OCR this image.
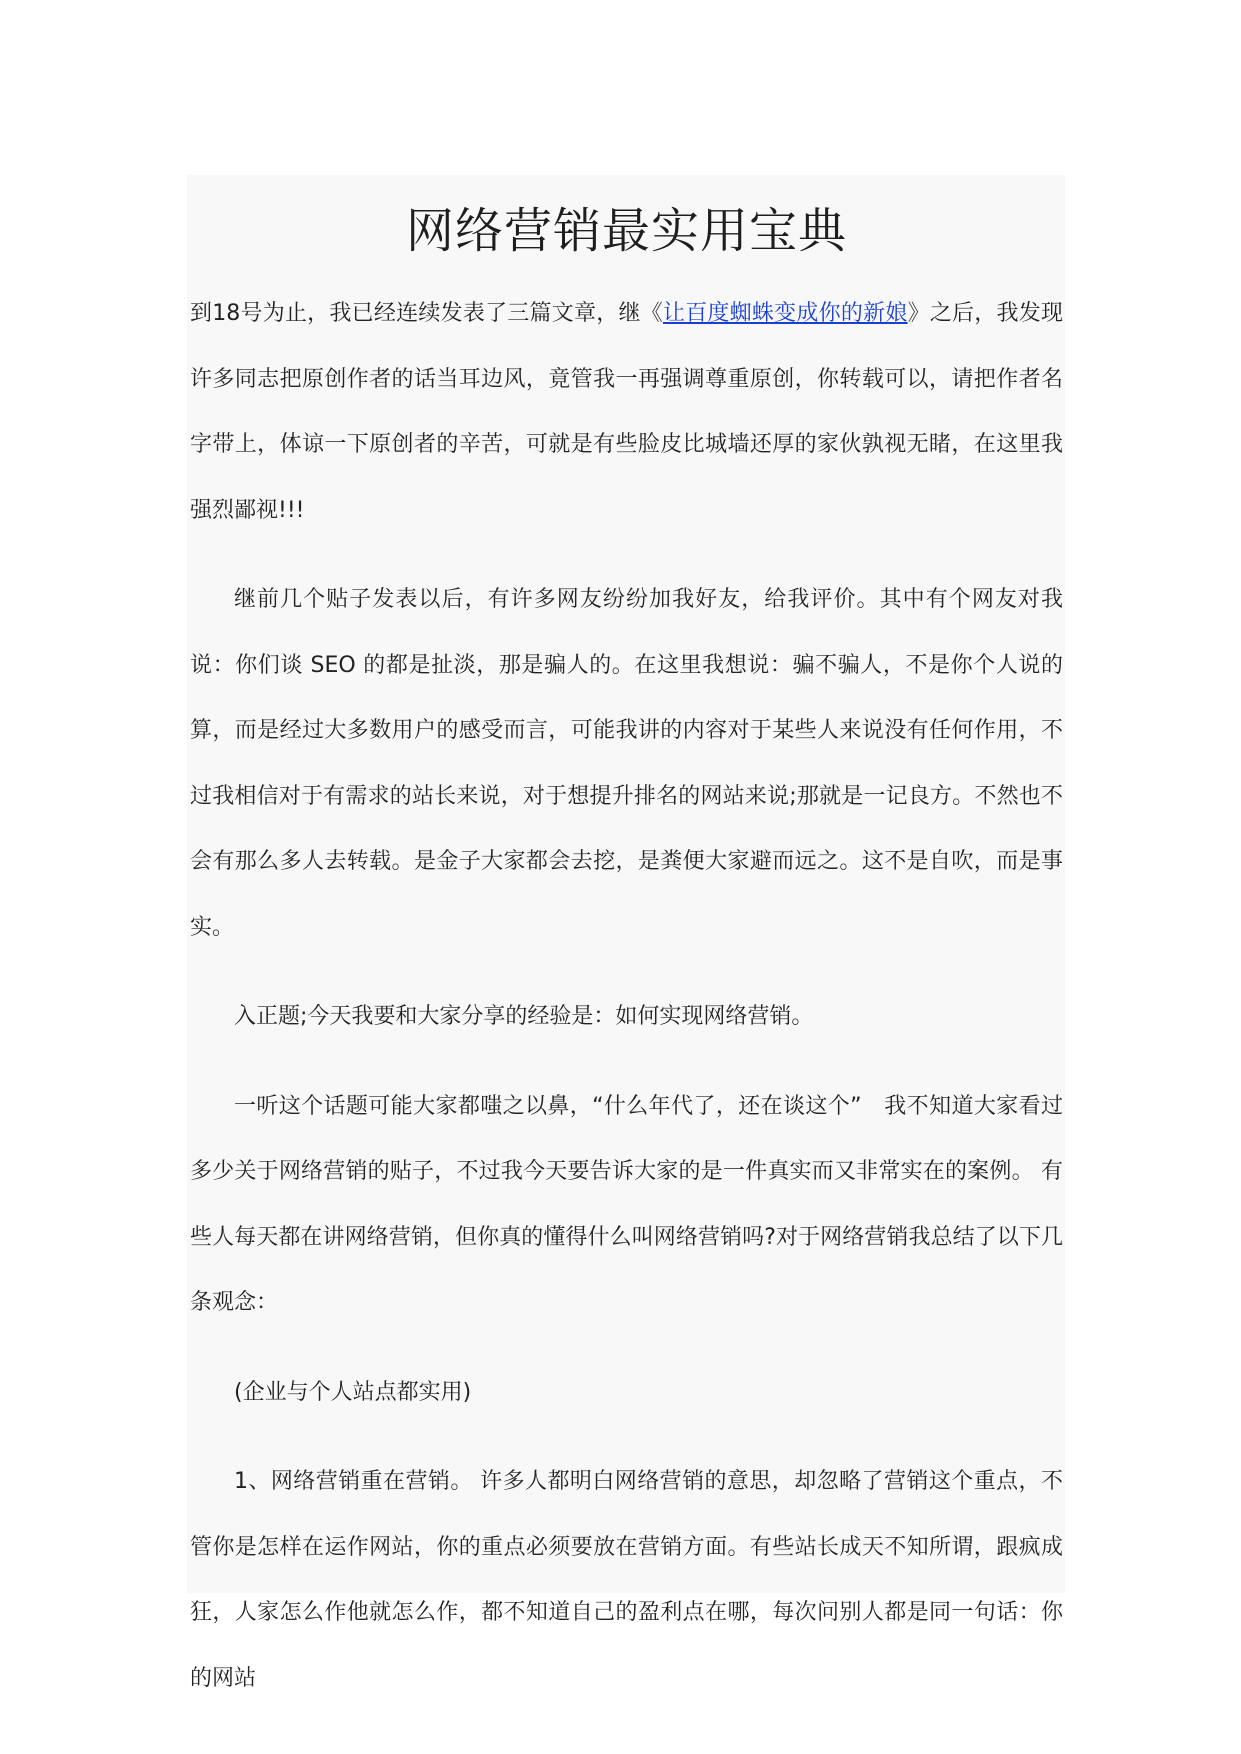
网络营销最实用宝典

到18号为止，我已经连续发表了三篇文章，继《让百度蜘蛛变成你的新娘》之后，我发现许多同志把原创作者的话当耳边风，竟管我一再强调尊重原创，你转载可以，请把作者名字带上，体谅一下原创者的辛苦，可就是有些脸皮比城墙还厚的家伙孰视无睹，在这里我强烈鄙视!!!

继前几个贴子发表以后，有许多网友纷纷加我好友，给我评价。其中有个网友对我说：你们谈 SEO 的都是扯淡，那是骗人的。在这里我想说：骗不骗人，不是你个人说的算，而是经过大多数用户的感受而言，可能我讲的内容对于某些人来说没有任何作用，不过我相信对于有需求的站长来说，对于想提升排名的网站来说;那就是一记良方。不然也不会有那么多人去转载。是金子大家都会去挖，是粪便大家避而远之。这不是自吹，而是事实。

入正题;今天我要和大家分享的经验是：如何实现网络营销。

一听这个话题可能大家都嗤之以鼻，“什么年代了，还在谈这个”　我不知道大家看过多少关于网络营销的贴子，不过我今天要告诉大家的是一件真实而又非常实在的案例。 有些人每天都在讲网络营销，但你真的懂得什么叫网络营销吗?对于网络营销我总结了以下几条观念：

(企业与个人站点都实用)

1、网络营销重在营销。 许多人都明白网络营销的意思，却忽略了营销这个重点，不管你是怎样在运作网站，你的重点必须要放在营销方面。有些站长成天不知所谓，跟疯成狂，人家怎么作他就怎么作，都不知道自己的盈利点在哪，每次问别人都是同一句话：你的网站
